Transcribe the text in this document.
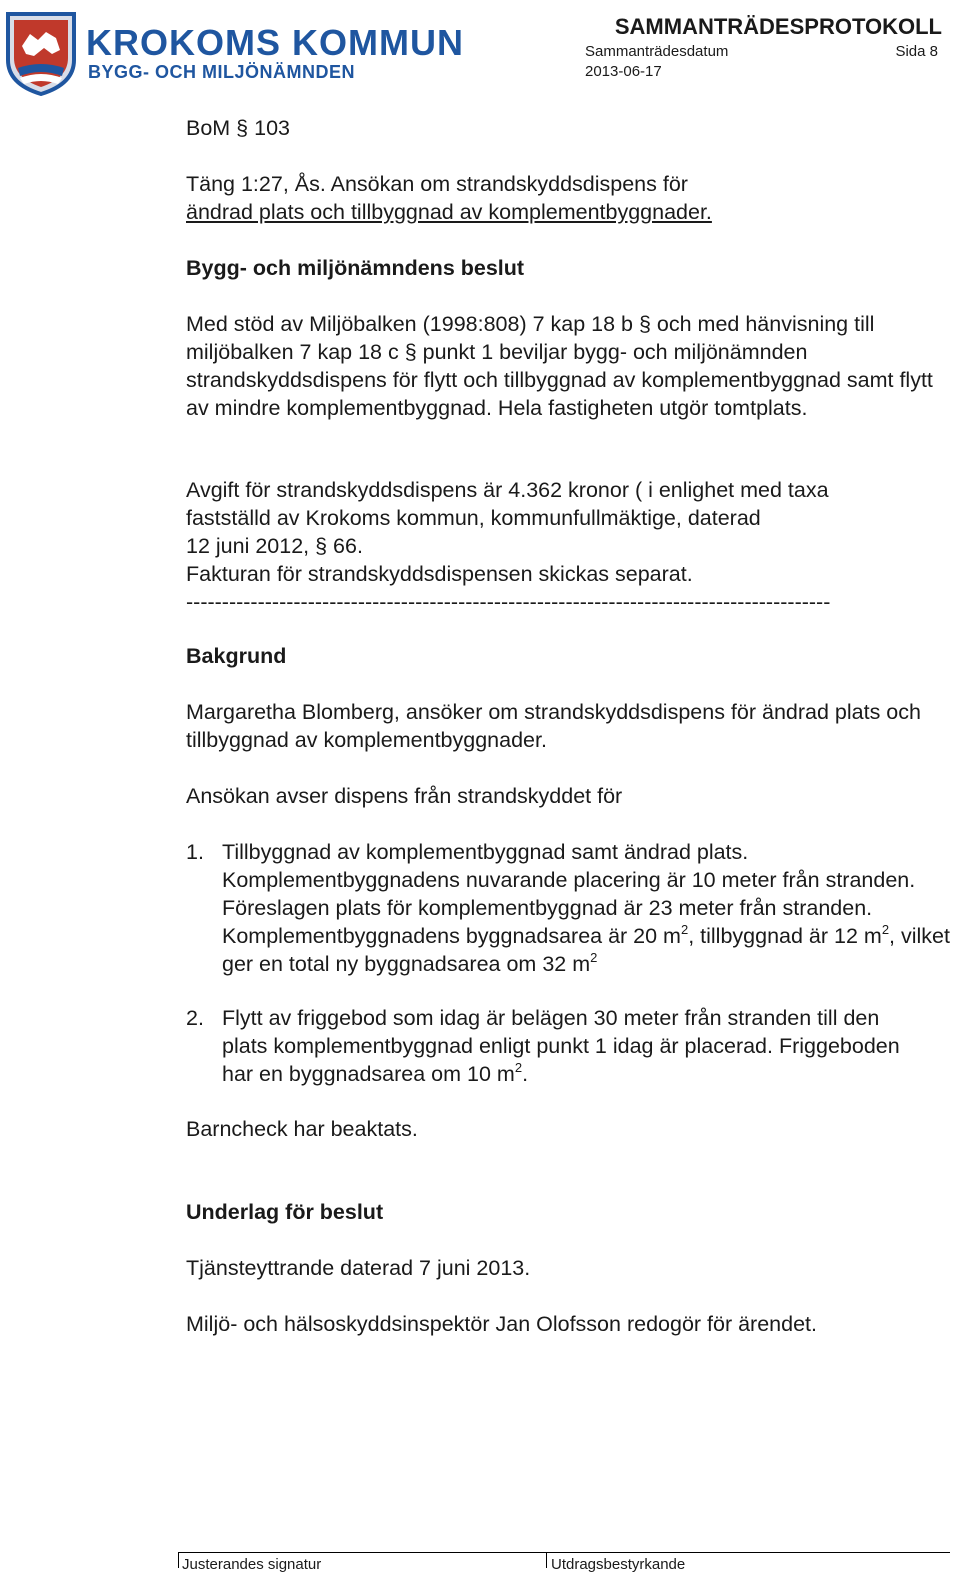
KROKOMS KOMMUN
BYGG- OCH MILJÖNÄMNDEN
SAMMANTRÄDESPROTOKOLL
Sammanträdesdatum	Sida 8
2013-06-17
BoM § 103
Täng 1:27, Ås. Ansökan om strandskyddsdispens för
ändrad plats och tillbyggnad av komplementbyggnader.
Bygg- och miljönämndens beslut
Med stöd av Miljöbalken (1998:808) 7 kap 18 b § och med hänvisning till miljöbalken 7 kap 18 c § punkt 1 beviljar bygg- och miljönämnden strandskyddsdispens för flytt och tillbyggnad av komplementbyggnad samt flytt av mindre komplementbyggnad. Hela fastigheten utgör tomtplats.
Avgift för strandskyddsdispens är 4.362 kronor ( i enlighet med taxa
fastställd av Krokoms kommun, kommunfullmäktige, daterad
12 juni 2012, § 66.
Fakturan för strandskyddsdispensen skickas separat.
------------------------------------------------------------------------------------------
Bakgrund
Margaretha Blomberg, ansöker om strandskyddsdispens för ändrad plats och tillbyggnad av komplementbyggnader.
Ansökan avser dispens från strandskyddet för
1. Tillbyggnad av komplementbyggnad samt ändrad plats. Komplementbyggnadens nuvarande placering är 10 meter från stranden. Föreslagen plats för komplementbyggnad är 23 meter från stranden. Komplementbyggnadens byggnadsarea är 20 $m^2$, tillbyggnad är 12 $m^2$, vilket ger en total ny byggnadsarea om 32 $m^2$
2. Flytt av friggebod som idag är belägen 30 meter från stranden till den plats komplementbyggnad enligt punkt 1 idag är placerad. Friggeboden har en byggnadsarea om 10 $m^2$.
Barncheck har beaktats.
Underlag för beslut
Tjänsteyttrande daterad 7 juni 2013.
Miljö- och hälsoskyddsinspektör Jan Olofsson redogör för ärendet.
Justerandes signatur	Utdragsbestyrkande
